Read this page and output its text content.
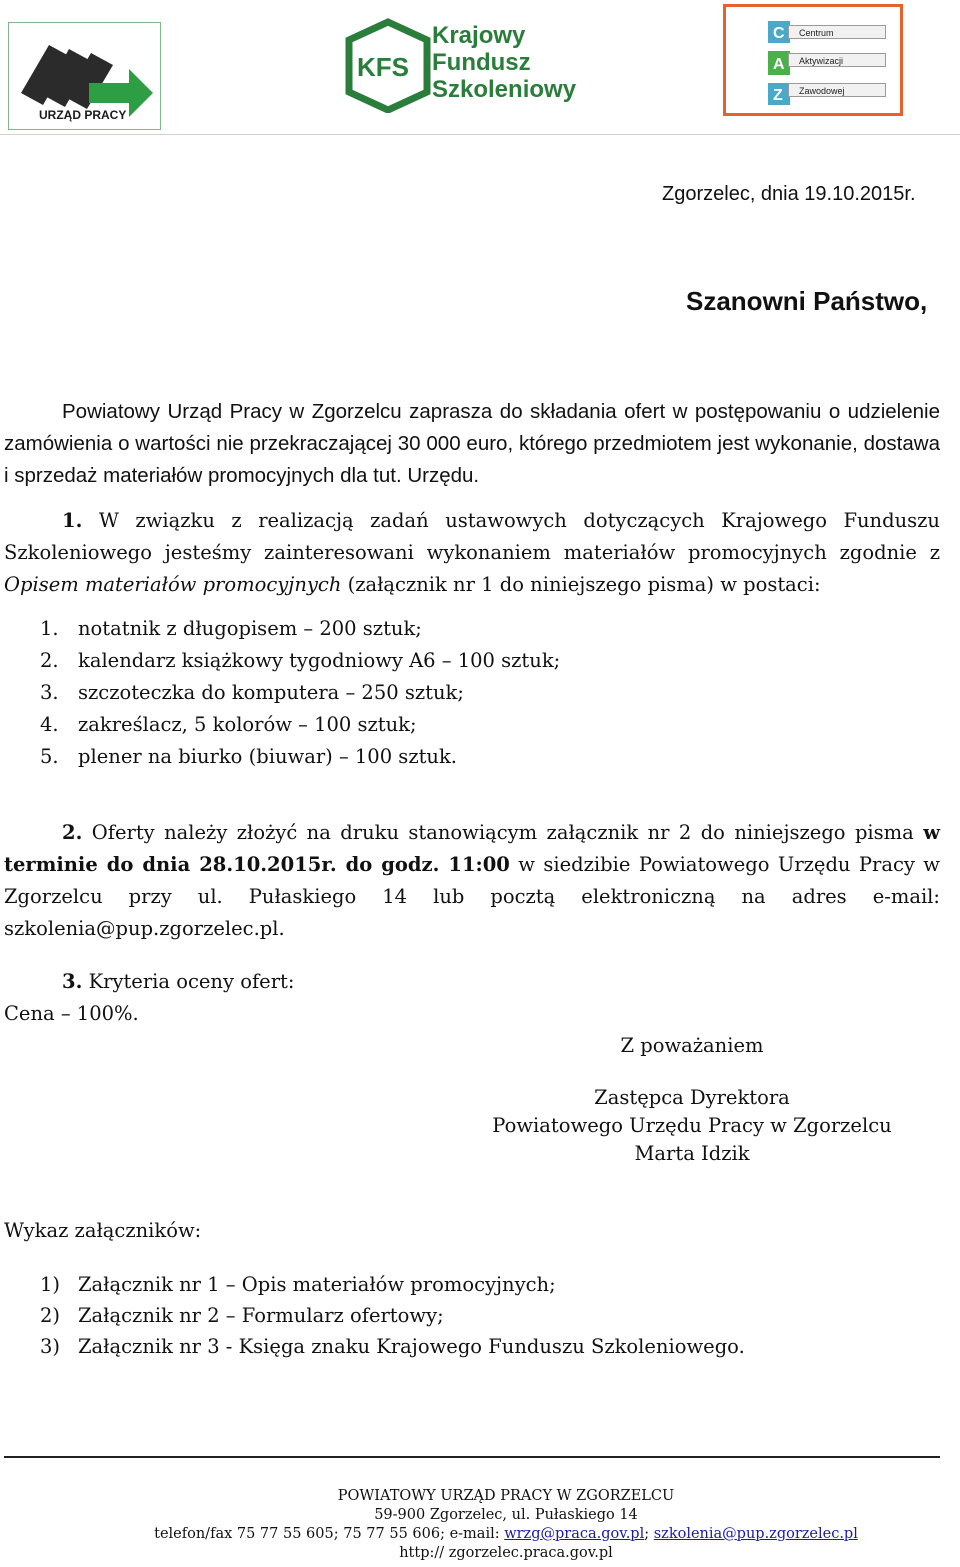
URZĄD PRACY
KFS
Krajowy
Fundusz
Szkoleniowy
C
A
Z
Centrum
Aktywizacji
Zawodowej
Zgorzelec, dnia 19.10.2015r.
Szanowni Państwo,
Powiatowy Urząd Pracy w Zgorzelcu zaprasza do składania ofert w postępowaniu o udzielenie zamówienia o wartości nie przekraczającej 30 000 euro, którego przedmiotem jest wykonanie, dostawa i sprzedaż materiałów promocyjnych dla tut. Urzędu.
1. W związku z realizacją zadań ustawowych dotyczących Krajowego Funduszu Szkoleniowego jesteśmy zainteresowani wykonaniem materiałów promocyjnych zgodnie z Opisem materiałów promocyjnych (załącznik nr 1 do niniejszego pisma) w postaci:
1. notatnik z długopisem – 200 sztuk;
2. kalendarz książkowy tygodniowy A6 – 100 sztuk;
3. szczoteczka do komputera – 250 sztuk;
4. zakreślacz, 5 kolorów – 100 sztuk;
5. plener na biurko (biuwar) – 100 sztuk.
2. Oferty należy złożyć na druku stanowiącym załącznik nr 2 do niniejszego pisma w terminie do dnia 28.10.2015r. do godz. 11:00 w siedzibie Powiatowego Urzędu Pracy w Zgorzelcu przy ul. Pułaskiego 14 lub pocztą elektroniczną na adres e-mail: szkolenia@pup.zgorzelec.pl.
3. Kryteria oceny ofert:
Cena – 100%.
Z poważaniem
Zastępca Dyrektora
Powiatowego Urzędu Pracy w Zgorzelcu
Marta Idzik
Wykaz załączników:
1) Załącznik nr 1 – Opis materiałów promocyjnych;
2) Załącznik nr 2 – Formularz ofertowy;
3) Załącznik nr 3 - Księga znaku Krajowego Funduszu Szkoleniowego.
POWIATOWY URZĄD PRACY W ZGORZELCU
59-900 Zgorzelec, ul. Pułaskiego 14
telefon/fax 75 77 55 605; 75 77 55 606; e-mail: wrzg@praca.gov.pl; szkolenia@pup.zgorzelec.pl
http:// zgorzelec.praca.gov.pl
